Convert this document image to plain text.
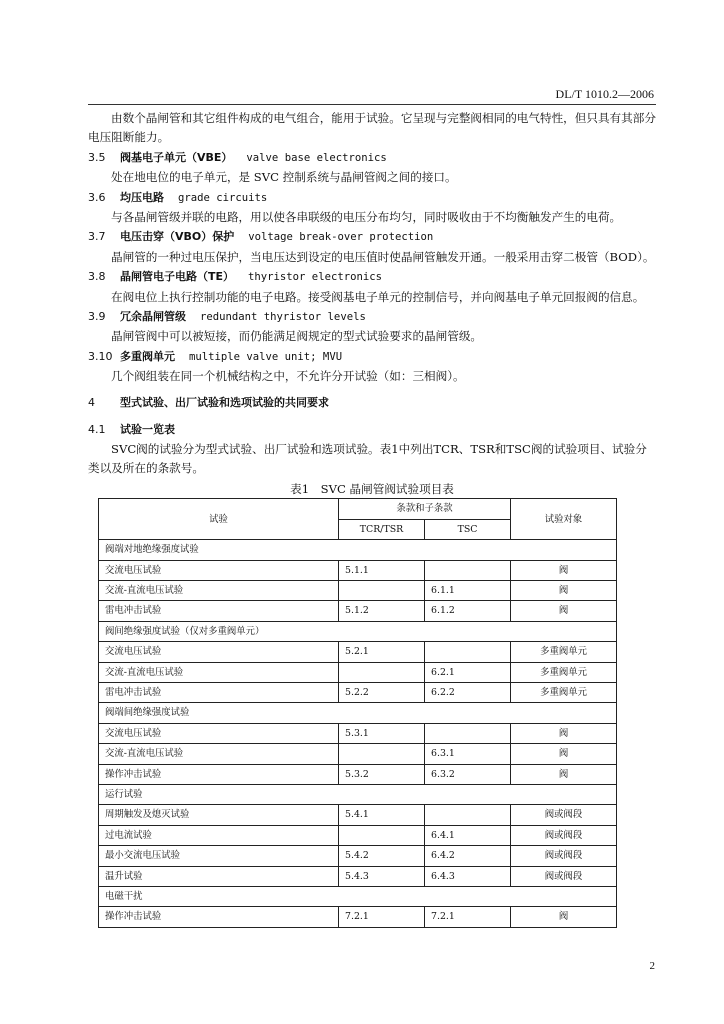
DL/T 1010.2—2006

由数个晶闸管和其它组件构成的电气组合，能用于试验。它呈现与完整阀相同的电气特性，但只具有其部分电压阻断能力。

3.5 阀基电子单元（VBE） valve base electronics

处在地电位的电子单元，是 SVC 控制系统与晶闸管阀之间的接口。

3.6 均压电路 grade circuits

与各晶闸管级并联的电路，用以使各串联级的电压分布均匀，同时吸收由于不均衡触发产生的电荷。

3.7 电压击穿（VBO）保护 voltage break-over protection

晶闸管的一种过电压保护，当电压达到设定的电压值时使晶闸管触发开通。一般采用击穿二极管（BOD）。

3.8 晶闸管电子电路（TE） thyristor electronics

在阀电位上执行控制功能的电子电路。接受阀基电子单元的控制信号，并向阀基电子单元回报阀的信息。

3.9 冗余晶闸管级 redundant thyristor levels

晶闸管阀中可以被短接，而仍能满足阀规定的型式试验要求的晶闸管级。

3.10 多重阀单元 multiple valve unit; MVU

几个阀组装在同一个机械结构之中，不允许分开试验（如：三相阀）。

4 型式试验、出厂试验和选项试验的共同要求

4.1 试验一览表

SVC阀的试验分为型式试验、出厂试验和选项试验。表1中列出TCR、TSR和TSC阀的试验项目、试验分类以及所在的条款号。

表1　SVC 晶闸管阀试验项目表
试验	条款和子条款		试验对象
	TCR/TSR	TSC	
阀端对地绝缘强度试验			
交流电压试验	5.1.1		阀
交流-直流电压试验		6.1.1	阀
雷电冲击试验	5.1.2	6.1.2	阀
阀间绝缘强度试验（仅对多重阀单元）			
交流电压试验	5.2.1		多重阀单元
交流-直流电压试验		6.2.1	多重阀单元
雷电冲击试验	5.2.2	6.2.2	多重阀单元
阀端间绝缘强度试验			
交流电压试验	5.3.1		阀
交流-直流电压试验		6.3.1	阀
操作冲击试验	5.3.2	6.3.2	阀
运行试验			
周期触发及熄灭试验	5.4.1		阀或阀段
过电流试验		6.4.1	阀或阀段
最小交流电压试验	5.4.2	6.4.2	阀或阀段
温升试验	5.4.3	6.4.3	阀或阀段
电磁干扰			
操作冲击试验	7.2.1	7.2.1	阀
2
